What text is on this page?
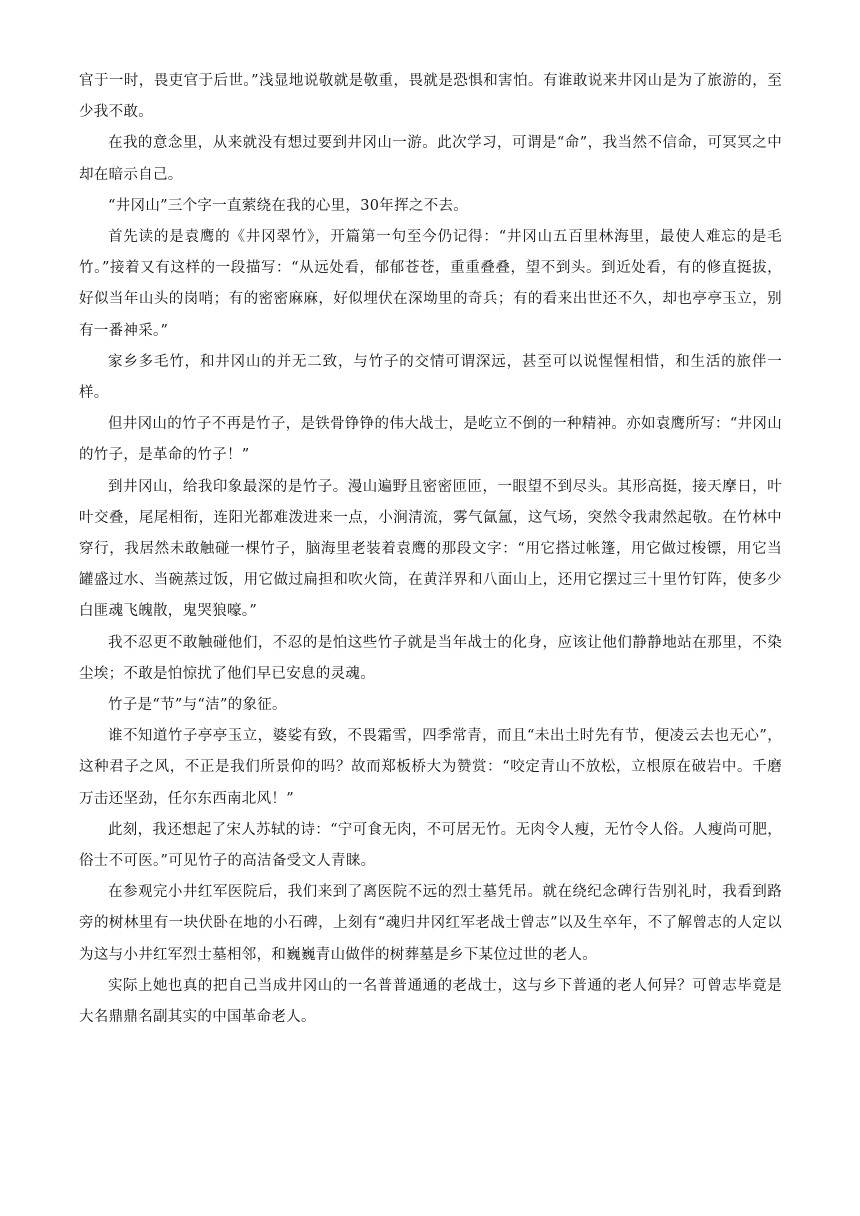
官于一时，畏吏官于后世。”浅显地说敬就是敬重，畏就是恐惧和害怕。有谁敢说来井冈山是为了旅游的，至少我不敢。

在我的意念里，从来就没有想过要到井冈山一游。此次学习，可谓是“命”，我当然不信命，可冥冥之中却在暗示自己。

“井冈山”三个字一直萦绕在我的心里，30年挥之不去。

首先读的是袁鹰的《井冈翠竹》，开篇第一句至今仍记得：“井冈山五百里林海里，最使人难忘的是毛竹。”接着又有这样的一段描写：“从远处看，郁郁苍苍，重重叠叠，望不到头。到近处看，有的修直挺拔，好似当年山头的岗哨；有的密密麻麻，好似埋伏在深坳里的奇兵；有的看来出世还不久，却也亭亭玉立，别有一番神采。”

家乡多毛竹，和井冈山的并无二致，与竹子的交情可谓深远，甚至可以说惺惺相惜，和生活的旅伴一样。

但井冈山的竹子不再是竹子，是铁骨铮铮的伟大战士，是屹立不倒的一种精神。亦如袁鹰所写：“井冈山的竹子，是革命的竹子！”

到井冈山，给我印象最深的是竹子。漫山遍野且密密匝匝，一眼望不到尽头。其形高挺，接天摩日，叶叶交叠，尾尾相衔，连阳光都难泼进来一点，小涧清流，雾气氤氲，这气场，突然令我肃然起敬。在竹林中穿行，我居然未敢触碰一棵竹子，脑海里老装着袁鹰的那段文字：“用它搭过帐篷，用它做过梭镖，用它当罐盛过水、当碗蒸过饭，用它做过扁担和吹火筒，在黄洋界和八面山上，还用它摆过三十里竹钉阵，使多少白匪魂飞魄散，鬼哭狼嚎。”

我不忍更不敢触碰他们，不忍的是怕这些竹子就是当年战士的化身，应该让他们静静地站在那里，不染尘埃；不敢是怕惊扰了他们早已安息的灵魂。

竹子是“节”与“洁”的象征。

谁不知道竹子亭亭玉立，婆娑有致，不畏霜雪，四季常青，而且“未出土时先有节，便凌云去也无心”，这种君子之风，不正是我们所景仰的吗？故而郑板桥大为赞赏：“咬定青山不放松，立根原在破岩中。千磨万击还坚劲，任尔东西南北风！”

此刻，我还想起了宋人苏轼的诗：“宁可食无肉，不可居无竹。无肉令人瘦，无竹令人俗。人瘦尚可肥，俗士不可医。”可见竹子的高洁备受文人青睐。

在参观完小井红军医院后，我们来到了离医院不远的烈士墓凭吊。就在绕纪念碑行告别礼时，我看到路旁的树林里有一块伏卧在地的小石碑，上刻有“魂归井冈红军老战士曾志”以及生卒年，不了解曾志的人定以为这与小井红军烈士墓相邻，和巍巍青山做伴的树葬墓是乡下某位过世的老人。

实际上她也真的把自己当成井冈山的一名普普通通的老战士，这与乡下普通的老人何异？可曾志毕竟是大名鼎鼎名副其实的中国革命老人。
